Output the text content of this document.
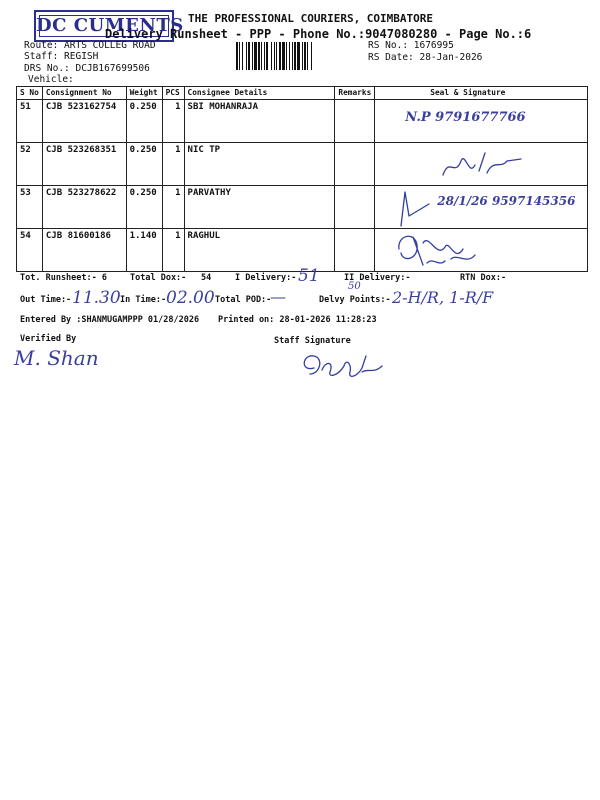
DC CUMENTS THE PROFESSIONAL COURIERS, COIMBATORE
Delivery Runsheet - PPP - Phone No.:9047080280 - Page No.:6
Route: ARTS COLLEG ROAD
Staff: REGISH
DRS No.: DCJB167699506
Vehicle:
RS No.: 1676995
RS Date: 28-Jan-2026
S No	Consignment No	Weight	PCS	Consignee Details	Remarks	Seal & Signature
51	CJB 523162754	0.250	1	SBI MOHANRAJA		N.P 9791677766

52	CJB 523268351	0.250	1	NIC TP		

53	CJB 523278622	0.250	1	PARVATHY		28/1/26 9597145356

54	CJB 81600186	1.140	1	RAGHUL		
Tot. Runsheet:- 6	Total Dox:- 54	I Delivery:- 51	II Delivery:-	RTN Dox:-
Out Time:- 11.30 In Time:- 02.00 Total POD:-
—
50
Delvy Points:- 2-H/R, 1-R/F
Entered By :SHANMUGAMPPP 01/28/2026 Printed on: 28-01-2026 11:28:23
Verified By
M. Shan
Staff Signature
